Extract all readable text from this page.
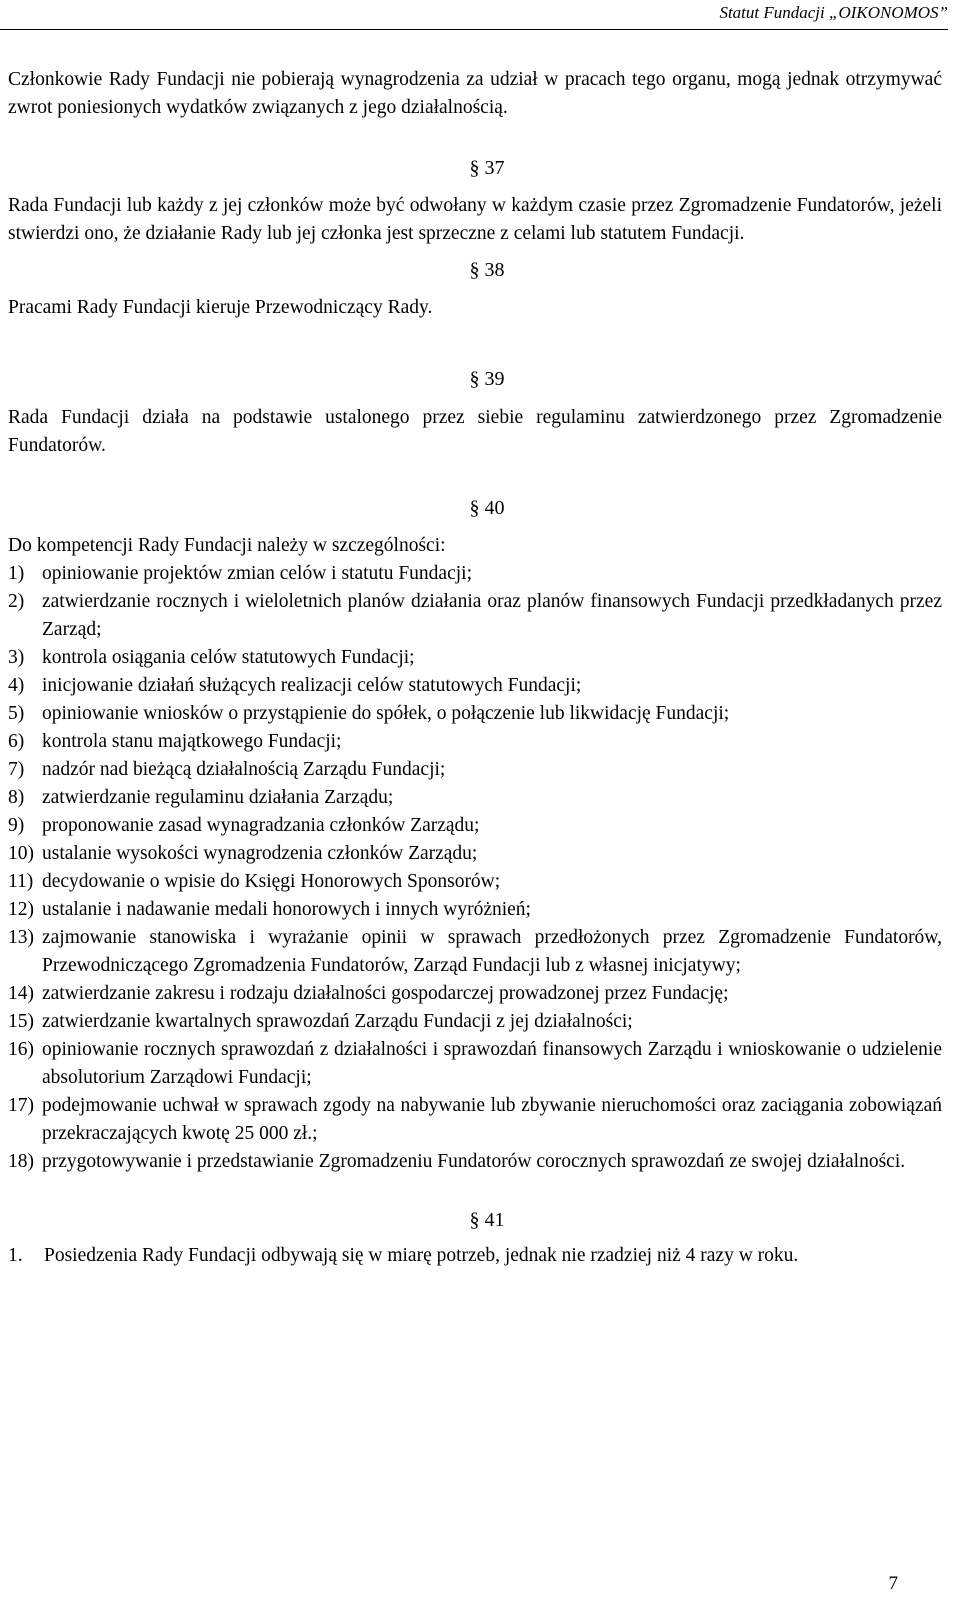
Statut Fundacji „OIKONOMOS”

Członkowie Rady Fundacji nie pobierają wynagrodzenia za udział w pracach tego organu, mogą jednak otrzymywać zwrot poniesionych wydatków związanych z jego działalnością.

§ 37

Rada Fundacji lub każdy z jej członków może być odwołany w każdym czasie przez Zgromadzenie Fundatorów, jeżeli stwierdzi ono, że działanie Rady lub jej członka jest sprzeczne z celami lub statutem Fundacji.

§ 38

Pracami Rady Fundacji kieruje Przewodniczący Rady.

§ 39

Rada Fundacji działa na podstawie ustalonego przez siebie regulaminu zatwierdzonego przez Zgromadzenie Fundatorów.

§ 40

Do kompetencji Rady Fundacji należy w szczególności:

1) opiniowanie projektów zmian celów i statutu Fundacji;
2) zatwierdzanie rocznych i wieloletnich planów działania oraz planów finansowych Fundacji przedkładanych przez Zarząd;
3) kontrola osiągania celów statutowych Fundacji;
4) inicjowanie działań służących realizacji celów statutowych Fundacji;
5) opiniowanie wniosków o przystąpienie do spółek, o połączenie lub likwidację Fundacji;
6) kontrola stanu majątkowego Fundacji;
7) nadzór nad bieżącą działalnością Zarządu Fundacji;
8) zatwierdzanie regulaminu działania Zarządu;
9) proponowanie zasad wynagradzania członków Zarządu;
10) ustalanie wysokości wynagrodzenia członków Zarządu;
11) decydowanie o wpisie do Księgi Honorowych Sponsorów;
12) ustalanie i nadawanie medali honorowych i innych wyróżnień;
13) zajmowanie stanowiska i wyrażanie opinii w sprawach przedłożonych przez Zgromadzenie Fundatorów, Przewodniczącego Zgromadzenia Fundatorów, Zarząd Fundacji lub z własnej inicjatywy;
14) zatwierdzanie zakresu i rodzaju działalności gospodarczej prowadzonej przez Fundację;
15) zatwierdzanie kwartalnych sprawozdań Zarządu Fundacji z jej działalności;
16) opiniowanie rocznych sprawozdań z działalności i sprawozdań finansowych Zarządu i wnioskowanie o udzielenie absolutorium Zarządowi Fundacji;
17) podejmowanie uchwał w sprawach zgody na nabywanie lub zbywanie nieruchomości oraz zaciągania zobowiązań przekraczających kwotę 25 000 zł.;
18) przygotowywanie i przedstawianie Zgromadzeniu Fundatorów corocznych sprawozdań ze swojej działalności.

§ 41

1.	Posiedzenia Rady Fundacji odbywają się w miarę potrzeb, jednak nie rzadziej niż 4 razy w roku.
7
